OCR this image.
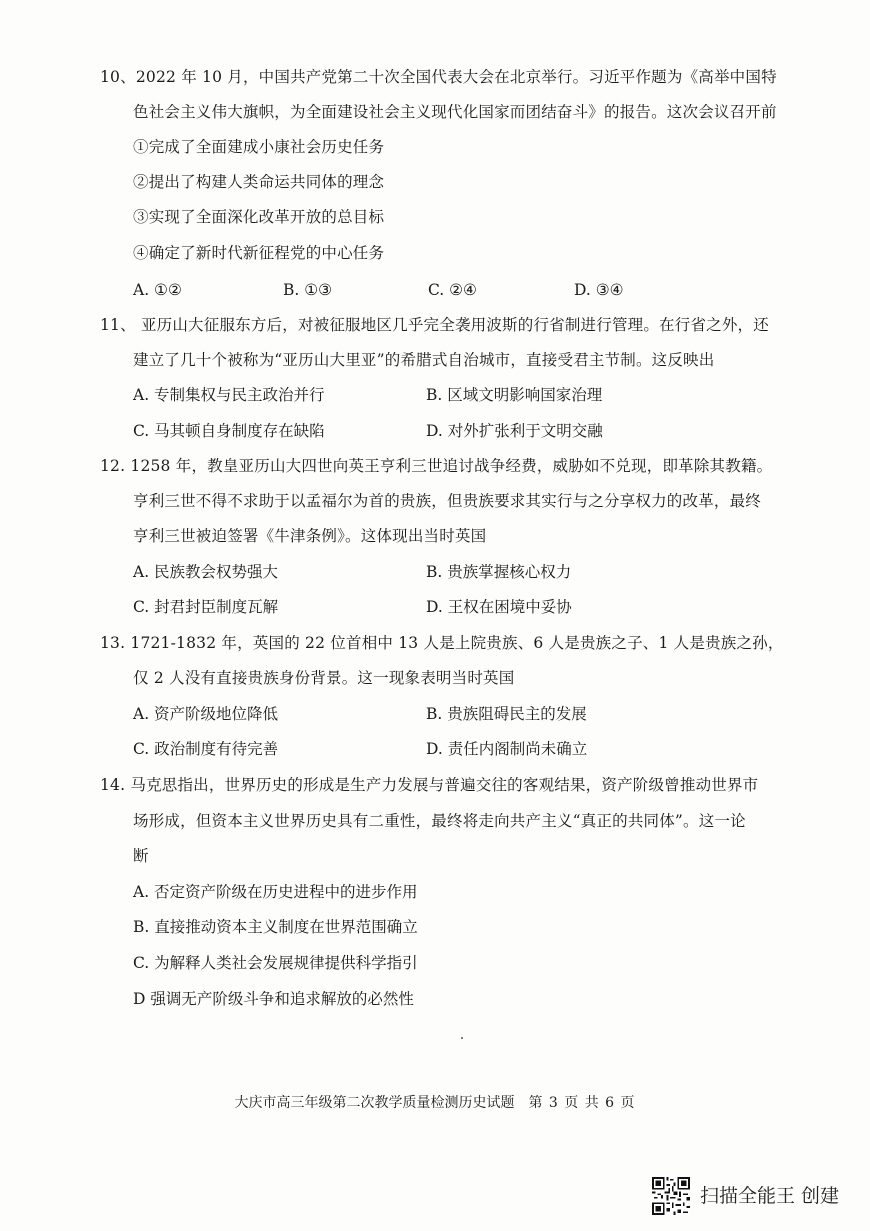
10、2022 年 10 月，中国共产党第二十次全国代表大会在北京举行。习近平作题为《高举中国特
色社会主义伟大旗帜，为全面建设社会主义现代化国家而团结奋斗》的报告。这次会议召开前
①完成了全面建成小康社会历史任务
②提出了构建人类命运共同体的理念
③实现了全面深化改革开放的总目标
④确定了新时代新征程党的中心任务
A. ①②	B. ①③	C. ②④	D. ③④
11、 亚历山大征服东方后，对被征服地区几乎完全袭用波斯的行省制进行管理。在行省之外，还
建立了几十个被称为“亚历山大里亚”的希腊式自治城市，直接受君主节制。这反映出
A. 专制集权与民主政治并行	B. 区域文明影响国家治理
C. 马其顿自身制度存在缺陷	D. 对外扩张利于文明交融
12. 1258 年，教皇亚历山大四世向英王亨利三世追讨战争经费，威胁如不兑现，即革除其教籍。
亨利三世不得不求助于以孟福尔为首的贵族，但贵族要求其实行与之分享权力的改革，最终
亨利三世被迫签署《牛津条例》。这体现出当时英国
A. 民族教会权势强大	B. 贵族掌握核心权力
C. 封君封臣制度瓦解	D. 王权在困境中妥协
13. 1721-1832 年，英国的 22 位首相中 13 人是上院贵族、6 人是贵族之子、1 人是贵族之孙，
仅 2 人没有直接贵族身份背景。这一现象表明当时英国
A. 资产阶级地位降低	B. 贵族阻碍民主的发展
C. 政治制度有待完善	D. 责任内阁制尚未确立
14. 马克思指出，世界历史的形成是生产力发展与普遍交往的客观结果，资产阶级曾推动世界市
场形成，但资本主义世界历史具有二重性，最终将走向共产主义“真正的共同体”。这一论
断
A. 否定资产阶级在历史进程中的进步作用
B. 直接推动资本主义制度在世界范围确立
C. 为解释人类社会发展规律提供科学指引
D 强调无产阶级斗争和追求解放的必然性
大庆市高三年级第二次教学质量检测历史试题 第 3 页 共 6 页
扫描全能王 创建
